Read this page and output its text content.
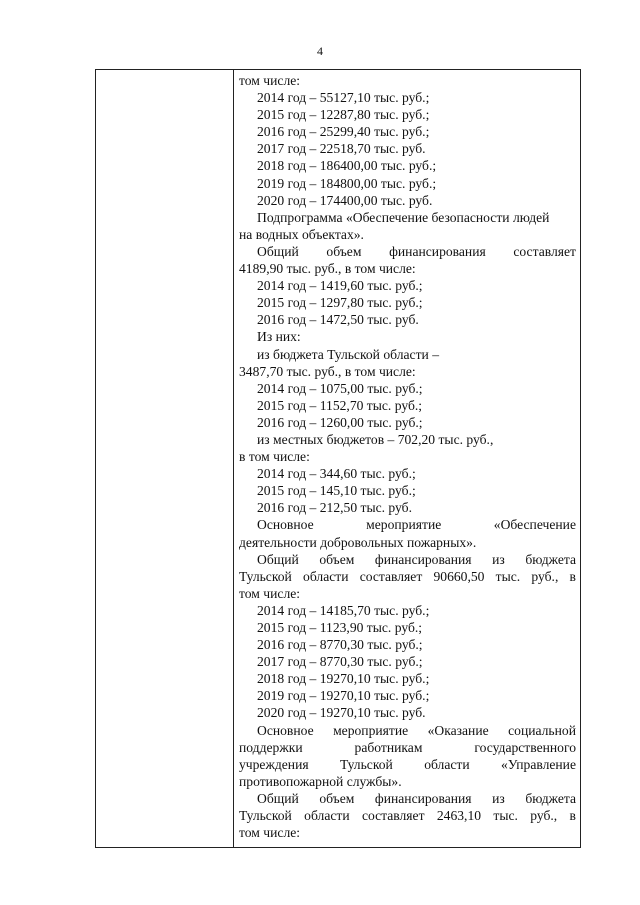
4
том числе:
2014 год – 55127,10 тыс. руб.;
2015 год – 12287,80 тыс. руб.;
2016 год – 25299,40 тыс. руб.;
2017 год – 22518,70 тыс. руб.
2018 год – 186400,00 тыс. руб.;
2019 год – 184800,00 тыс. руб.;
2020 год – 174400,00 тыс. руб.
Подпрограмма «Обеспечение безопасности людей
на водных объектах».
Общий объем финансирования составляет
4189,90 тыс. руб., в том числе:
2014 год – 1419,60 тыс. руб.;
2015 год – 1297,80 тыс. руб.;
2016 год – 1472,50 тыс. руб.
Из них:
из бюджета Тульской области –
3487,70 тыс. руб., в том числе:
2014 год – 1075,00 тыс. руб.;
2015 год – 1152,70 тыс. руб.;
2016 год – 1260,00 тыс. руб.;
из местных бюджетов – 702,20 тыс. руб.,
в том числе:
2014 год – 344,60 тыс. руб.;
2015 год – 145,10 тыс. руб.;
2016 год – 212,50 тыс. руб.
Основное	мероприятие	«Обеспечение
деятельности добровольных пожарных».
Общий объем финансирования из бюджета
Тульской области составляет 90660,50 тыс. руб., в
том числе:
2014 год – 14185,70 тыс. руб.;
2015 год – 1123,90 тыс. руб.;
2016 год – 8770,30 тыс. руб.;
2017 год – 8770,30 тыс. руб.;
2018 год – 19270,10 тыс. руб.;
2019 год – 19270,10 тыс. руб.;
2020 год – 19270,10 тыс. руб.
Основное мероприятие «Оказание социальной
поддержки	работникам	государственного
учреждения Тульской области «Управление
противопожарной службы».
Общий объем финансирования из бюджета
Тульской области составляет 2463,10 тыс. руб., в
том числе:
